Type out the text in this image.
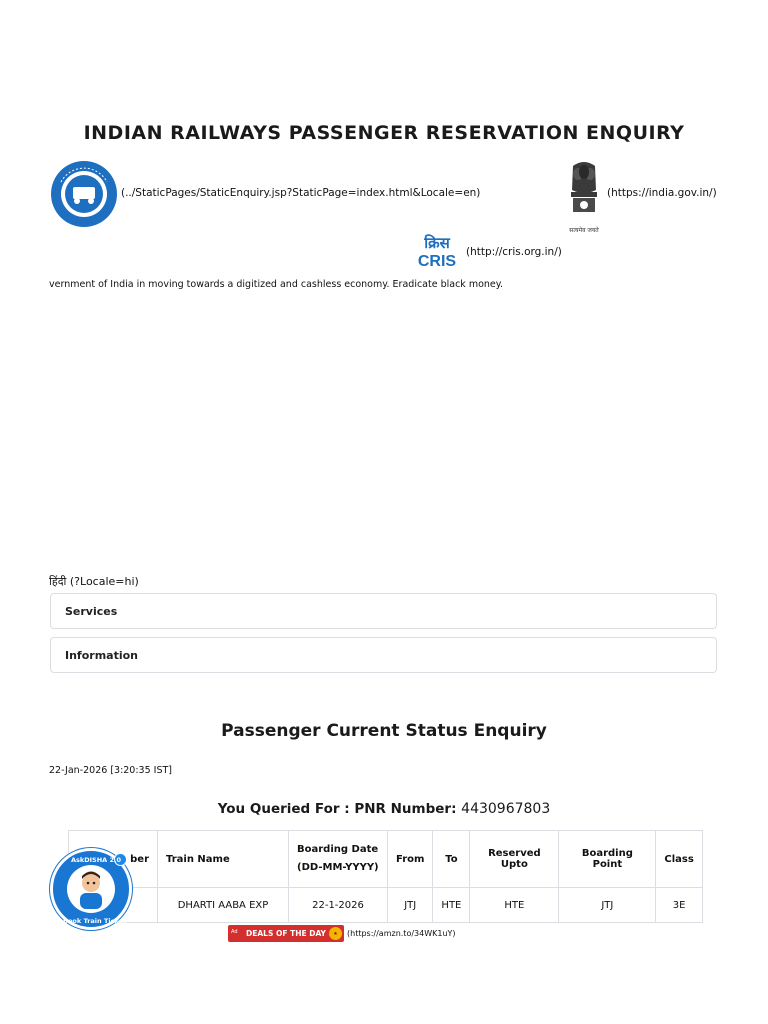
INDIAN RAILWAYS PASSENGER RESERVATION ENQUIRY
(../StaticPages/StaticEnquiry.jsp?StaticPage=index.html&Locale=en)
सत्यमेव जयते
(https://india.gov.in/)
क्रिस
CRIS
(http://cris.org.in/)
vernment of India in moving towards a digitized and cashless economy. Eradicate black money.
हिंदी (?Locale=hi)
Services
Information
Passenger Current Status Enquiry
22-Jan-2026 [3:20:35 IST]
You Queried For : PNR Number: 4430967803
ber	Train Name	Boarding Date (DD-MM-YYYY)	From	To	Reserved Upto	Boarding Point	Class
	DHARTI AABA EXP	22-1-2026	JTJ	HTE	HTE	JTJ	3E
Ad DEALS OF THE DAY	★	(https://amzn.to/34WK1uY)
AskDISHA 2.0
Book Train Ticket
